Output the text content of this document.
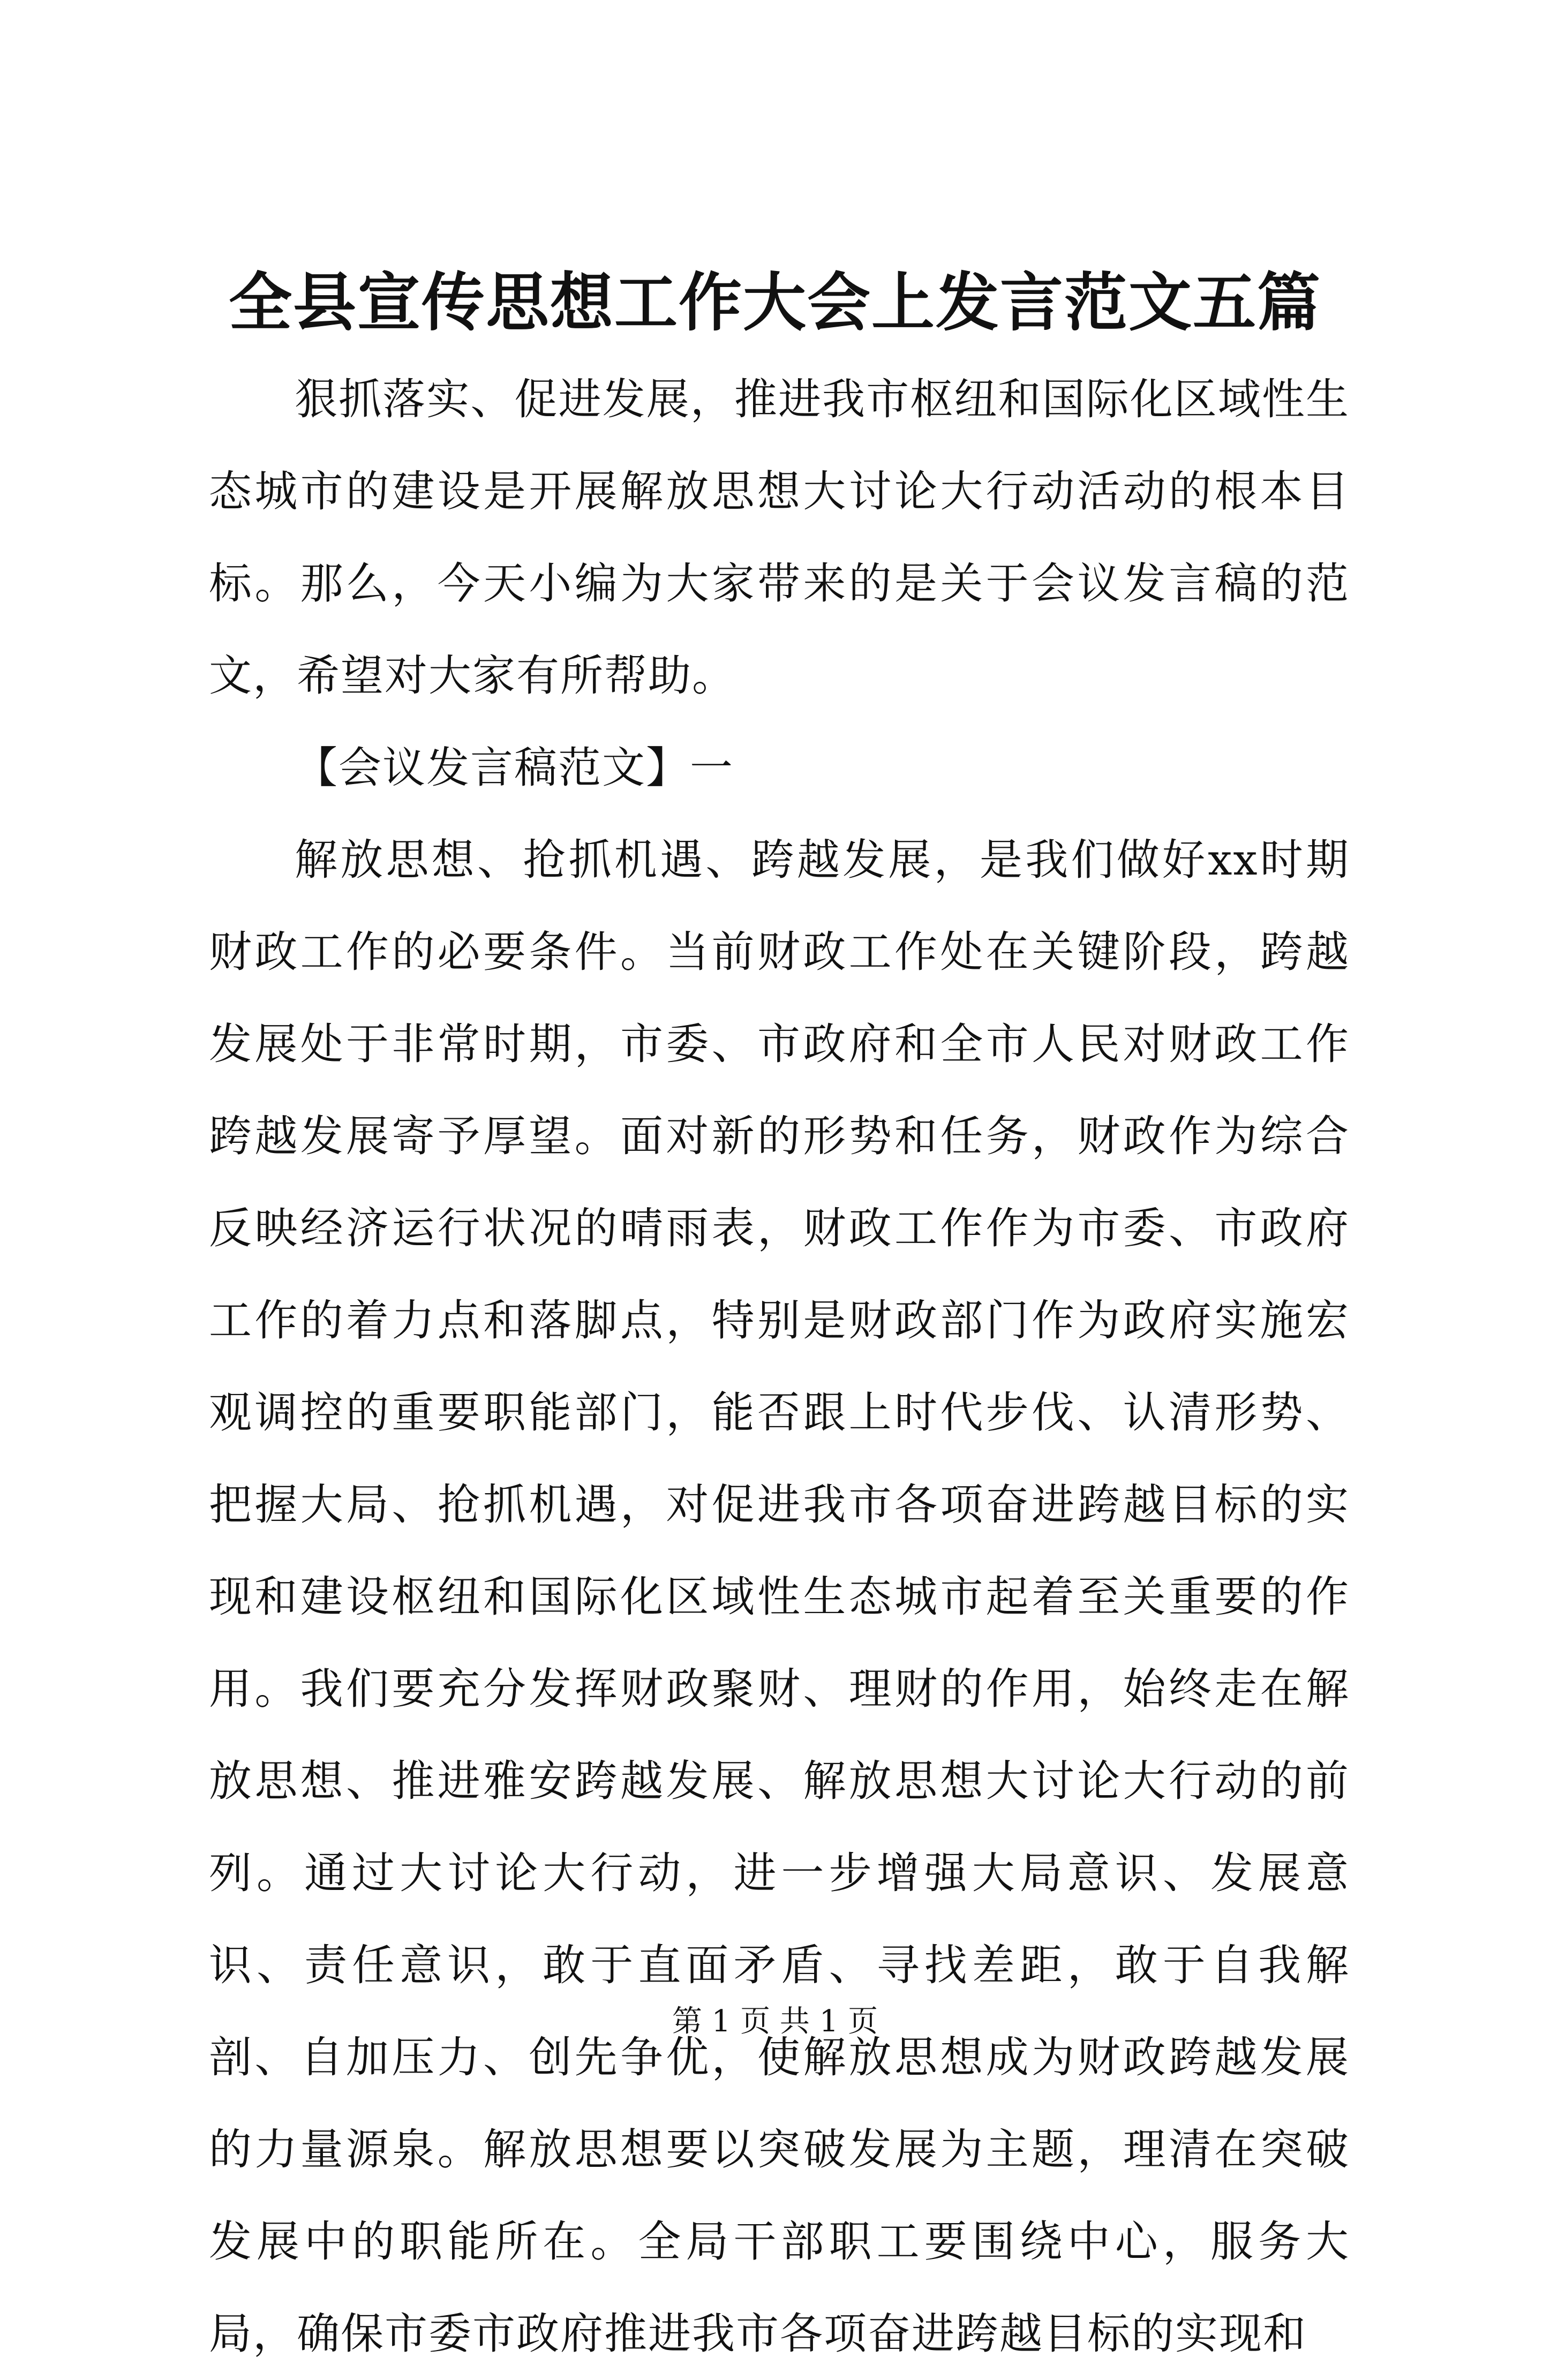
全县宣传思想工作大会上发言范文五篇

狠抓落实、促进发展，推进我市枢纽和国际化区域性生态城市的建设是开展解放思想大讨论大行动活动的根本目标。那么，今天小编为大家带来的是关于会议发言稿的范文，希望对大家有所帮助。

【会议发言稿范文】一

解放思想、抢抓机遇、跨越发展，是我们做好xx时期财政工作的必要条件。当前财政工作处在关键阶段，跨越发展处于非常时期，市委、市政府和全市人民对财政工作跨越发展寄予厚望。面对新的形势和任务，财政作为综合反映经济运行状况的晴雨表，财政工作作为市委、市政府工作的着力点和落脚点，特别是财政部门作为政府实施宏观调控的重要职能部门，能否跟上时代步伐、认清形势、把握大局、抢抓机遇，对促进我市各项奋进跨越目标的实现和建设枢纽和国际化区域性生态城市起着至关重要的作用。我们要充分发挥财政聚财、理财的作用，始终走在解放思想、推进雅安跨越发展、解放思想大讨论大行动的前列。通过大讨论大行动，进一步增强大局意识、发展意识、责任意识，敢于直面矛盾、寻找差距，敢于自我解剖、自加压力、创先争优，使解放思想成为财政跨越发展的力量源泉。解放思想要以突破发展为主题，理清在突破发展中的职能所在。全局干部职工要围绕中心，服务大局，确保市委市政府推进我市各项奋进跨越目标的实现和

第 1 页 共 1 页
